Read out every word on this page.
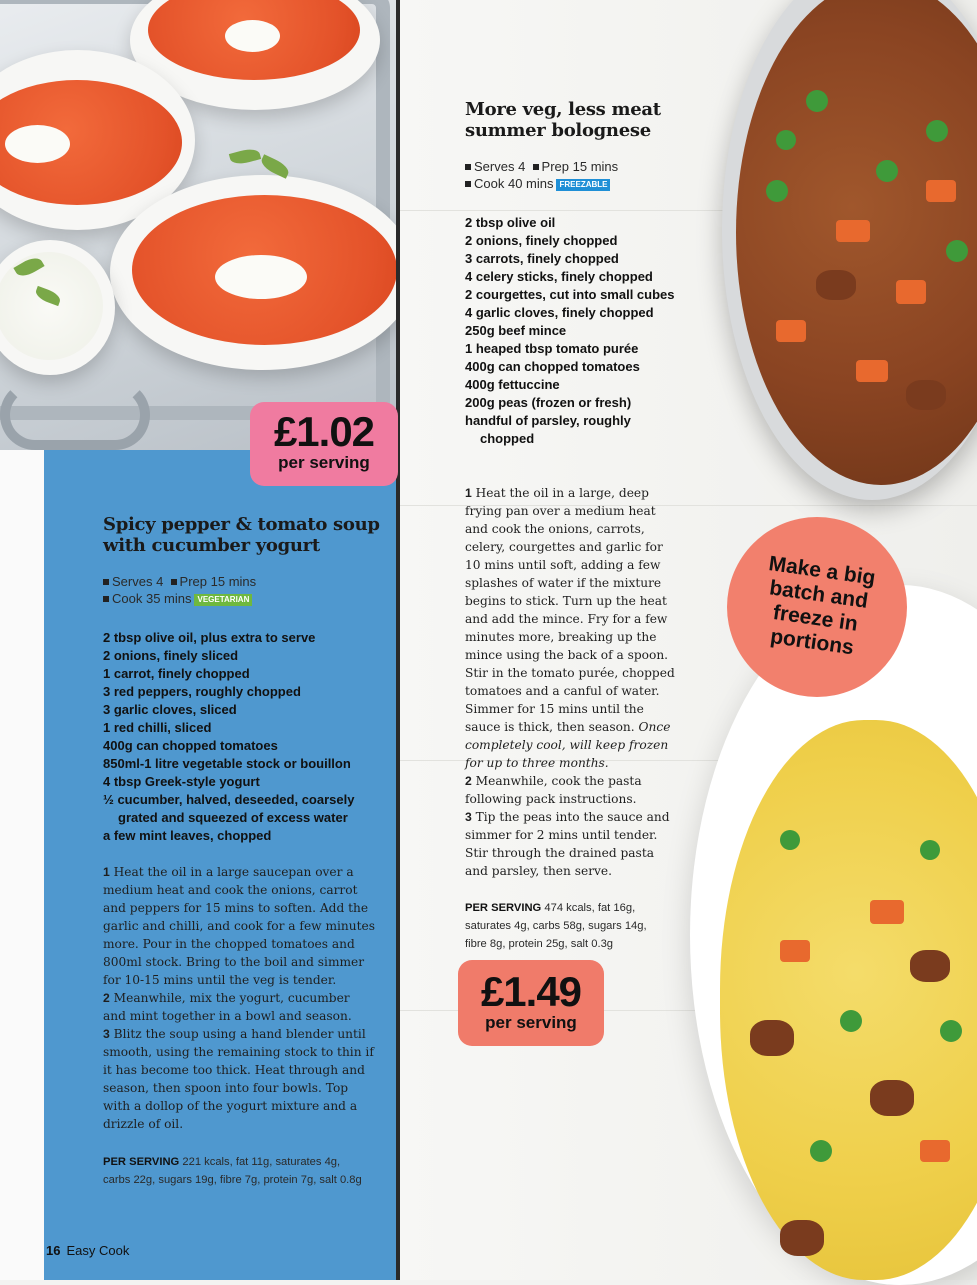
£1.02
per serving
Spicy pepper & tomato soup with cucumber yogurt
Serves 4 Prep 15 mins
Cook 35 mins VEGETARIAN
2 tbsp olive oil, plus extra to serve
2 onions, finely sliced
1 carrot, finely chopped
3 red peppers, roughly chopped
3 garlic cloves, sliced
1 red chilli, sliced
400g can chopped tomatoes
850ml-1 litre vegetable stock or bouillon
4 tbsp Greek-style yogurt
½ cucumber, halved, deseeded, coarsely grated and squeezed of excess water
a few mint leaves, chopped
1 Heat the oil in a large saucepan over a medium heat and cook the onions, carrot and peppers for 15 mins to soften. Add the garlic and chilli, and cook for a few minutes more. Pour in the chopped tomatoes and 800ml stock. Bring to the boil and simmer for 10-15 mins until the veg is tender.
2 Meanwhile, mix the yogurt, cucumber and mint together in a bowl and season.
3 Blitz the soup using a hand blender until smooth, using the remaining stock to thin if it has become too thick. Heat through and season, then spoon into four bowls. Top with a dollop of the yogurt mixture and a drizzle of oil.
PER SERVING 221 kcals, fat 11g, saturates 4g, carbs 22g, sugars 19g, fibre 7g, protein 7g, salt 0.8g
16 Easy Cook
More veg, less meat summer bolognese
Serves 4 Prep 15 mins
Cook 40 mins FREEZABLE
2 tbsp olive oil
2 onions, finely chopped
3 carrots, finely chopped
4 celery sticks, finely chopped
2 courgettes, cut into small cubes
4 garlic cloves, finely chopped
250g beef mince
1 heaped tbsp tomato purée
400g can chopped tomatoes
400g fettuccine
200g peas (frozen or fresh)
handful of parsley, roughly chopped
1 Heat the oil in a large, deep frying pan over a medium heat and cook the onions, carrots, celery, courgettes and garlic for 10 mins until soft, adding a few splashes of water if the mixture begins to stick. Turn up the heat and add the mince. Fry for a few minutes more, breaking up the mince using the back of a spoon. Stir in the tomato purée, chopped tomatoes and a canful of water. Simmer for 15 mins until the sauce is thick, then season. Once completely cool, will keep frozen for up to three months.
2 Meanwhile, cook the pasta following pack instructions.
3 Tip the peas into the sauce and simmer for 2 mins until tender. Stir through the drained pasta and parsley, then serve.
PER SERVING 474 kcals, fat 16g, saturates 4g, carbs 58g, sugars 14g, fibre 8g, protein 25g, salt 0.3g
£1.49
per serving
Make a big batch and freeze in portions
